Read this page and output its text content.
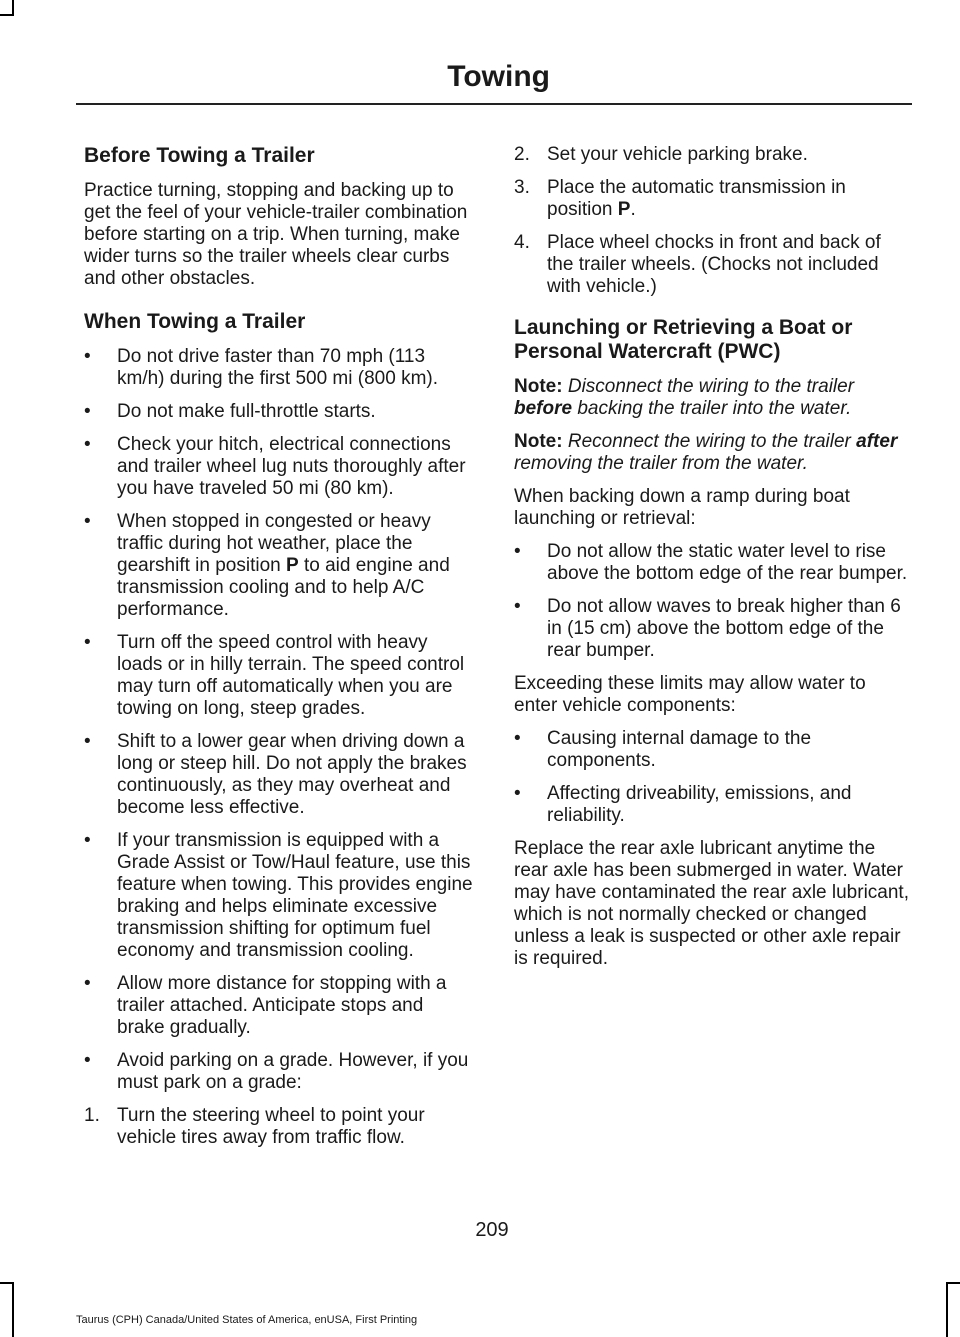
Towing
Before Towing a Trailer

Practice turning, stopping and backing up to get the feel of your vehicle-trailer combination before starting on a trip. When turning, make wider turns so the trailer wheels clear curbs and other obstacles.

When Towing a Trailer
• Do not drive faster than 70 mph (113 km/h) during the first 500 mi (800 km).
• Do not make full-throttle starts.
• Check your hitch, electrical connections and trailer wheel lug nuts thoroughly after you have traveled 50 mi (80 km).
• When stopped in congested or heavy traffic during hot weather, place the gearshift in position P to aid engine and transmission cooling and to help A/C performance.
• Turn off the speed control with heavy loads or in hilly terrain. The speed control may turn off automatically when you are towing on long, steep grades.
• Shift to a lower gear when driving down a long or steep hill. Do not apply the brakes continuously, as they may overheat and become less effective.
• If your transmission is equipped with a Grade Assist or Tow/Haul feature, use this feature when towing. This provides engine braking and helps eliminate excessive transmission shifting for optimum fuel economy and transmission cooling.
• Allow more distance for stopping with a trailer attached. Anticipate stops and brake gradually.
• Avoid parking on a grade. However, if you must park on a grade:
1. Turn the steering wheel to point your vehicle tires away from traffic flow.
2. Set your vehicle parking brake.
3. Place the automatic transmission in position P.
4. Place wheel chocks in front and back of the trailer wheels. (Chocks not included with vehicle.)
Launching or Retrieving a Boat or Personal Watercraft (PWC)

Note: Disconnect the wiring to the trailer before backing the trailer into the water.

Note: Reconnect the wiring to the trailer after removing the trailer from the water.

When backing down a ramp during boat launching or retrieval:

• Do not allow the static water level to rise above the bottom edge of the rear bumper.
• Do not allow waves to break higher than 6 in (15 cm) above the bottom edge of the rear bumper.

Exceeding these limits may allow water to enter vehicle components:

• Causing internal damage to the components.
• Affecting driveability, emissions, and reliability.

Replace the rear axle lubricant anytime the rear axle has been submerged in water. Water may have contaminated the rear axle lubricant, which is not normally checked or changed unless a leak is suspected or other axle repair is required.

209
Taurus (CPH) Canada/United States of America, enUSA, First Printing
